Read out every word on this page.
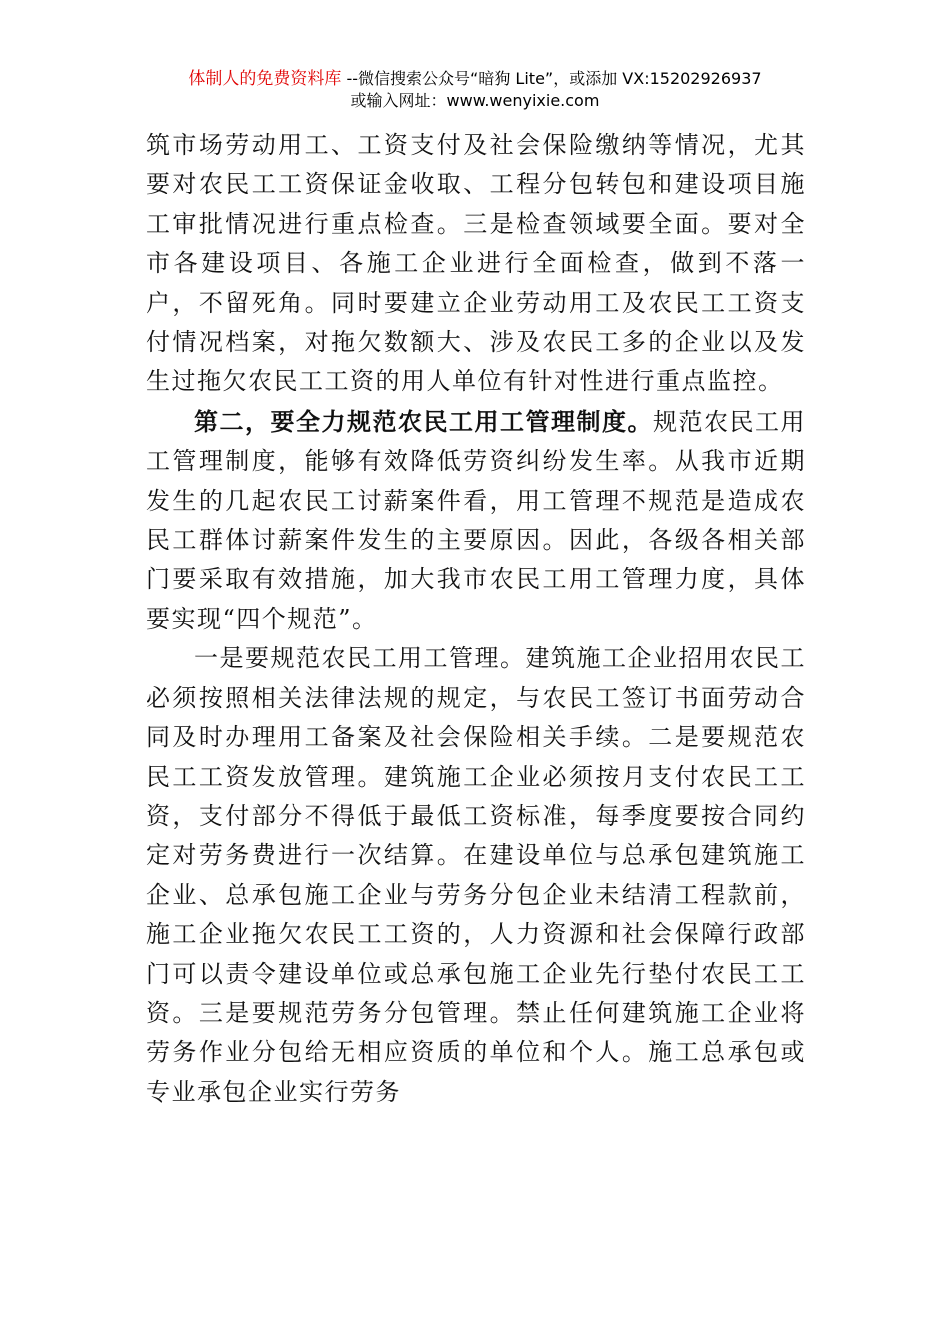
体制人的免费资料库 --微信搜索公众号“暗狗 Lite”，或添加 VX:15202926937
或输入网址：www.wenyixie.com

筑市场劳动用工、工资支付及社会保险缴纳等情况，尤其要对农民工工资保证金收取、工程分包转包和建设项目施工审批情况进行重点检查。三是检查领域要全面。要对全市各建设项目、各施工企业进行全面检查，做到不落一户，不留死角。同时要建立企业劳动用工及农民工工资支付情况档案，对拖欠数额大、涉及农民工多的企业以及发生过拖欠农民工工资的用人单位有针对性进行重点监控。

第二，要全力规范农民工用工管理制度。规范农民工用工管理制度，能够有效降低劳资纠纷发生率。从我市近期发生的几起农民工讨薪案件看，用工管理不规范是造成农民工群体讨薪案件发生的主要原因。因此，各级各相关部门要采取有效措施，加大我市农民工用工管理力度，具体要实现“四个规范”。

一是要规范农民工用工管理。建筑施工企业招用农民工必须按照相关法律法规的规定，与农民工签订书面劳动合同及时办理用工备案及社会保险相关手续。二是要规范农民工工资发放管理。建筑施工企业必须按月支付农民工工资，支付部分不得低于最低工资标准，每季度要按合同约定对劳务费进行一次结算。在建设单位与总承包建筑施工企业、总承包施工企业与劳务分包企业未结清工程款前，施工企业拖欠农民工工资的，人力资源和社会保障行政部门可以责令建设单位或总承包施工企业先行垫付农民工工资。三是要规范劳务分包管理。禁止任何建筑施工企业将劳务作业分包给无相应资质的单位和个人。施工总承包或专业承包企业实行劳务
